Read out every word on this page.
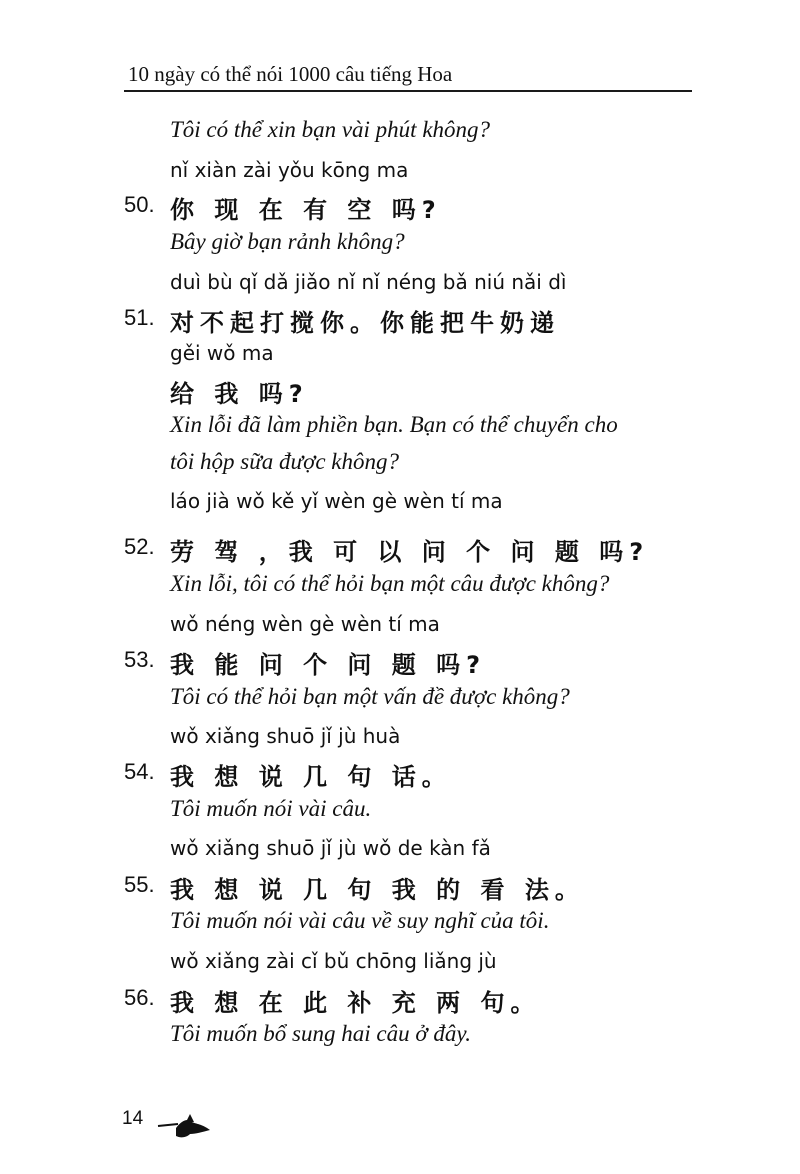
10 ngày có thể nói 1000 câu tiếng Hoa
Tôi có thể xin bạn vài phút không?
nǐ xiàn zài yǒu kōng ma
50. 你 现 在 有 空 吗?
Bây giờ bạn rảnh không?
duì bù qǐ dǎ jiǎo nǐ nǐ néng bǎ niú nǎi dì
51. 对不起打搅你。你能把牛奶递
gěi wǒ ma
给 我 吗?
Xin lỗi đã làm phiền bạn. Bạn có thể chuyển cho
tôi hộp sữa được không?
láo jià wǒ kě yǐ wèn gè wèn tí ma
52. 劳 驾 ，我 可 以 问 个 问 题 吗?
Xin lỗi, tôi có thể hỏi bạn một câu được không?
wǒ néng wèn gè wèn tí ma
53. 我 能 问 个 问 题 吗?
Tôi có thể hỏi bạn một vấn đề được không?
wǒ xiǎng shuō jǐ jù huà
54. 我 想 说 几 句 话。
Tôi muốn nói vài câu.
wǒ xiǎng shuō jǐ jù wǒ de kàn fǎ
55. 我 想 说 几 句 我 的 看 法。
Tôi muốn nói vài câu về suy nghĩ của tôi.
wǒ xiǎng zài cǐ bǔ chōng liǎng jù
56. 我 想 在 此 补 充 两 句。
Tôi muốn bổ sung hai câu ở đây.
14
